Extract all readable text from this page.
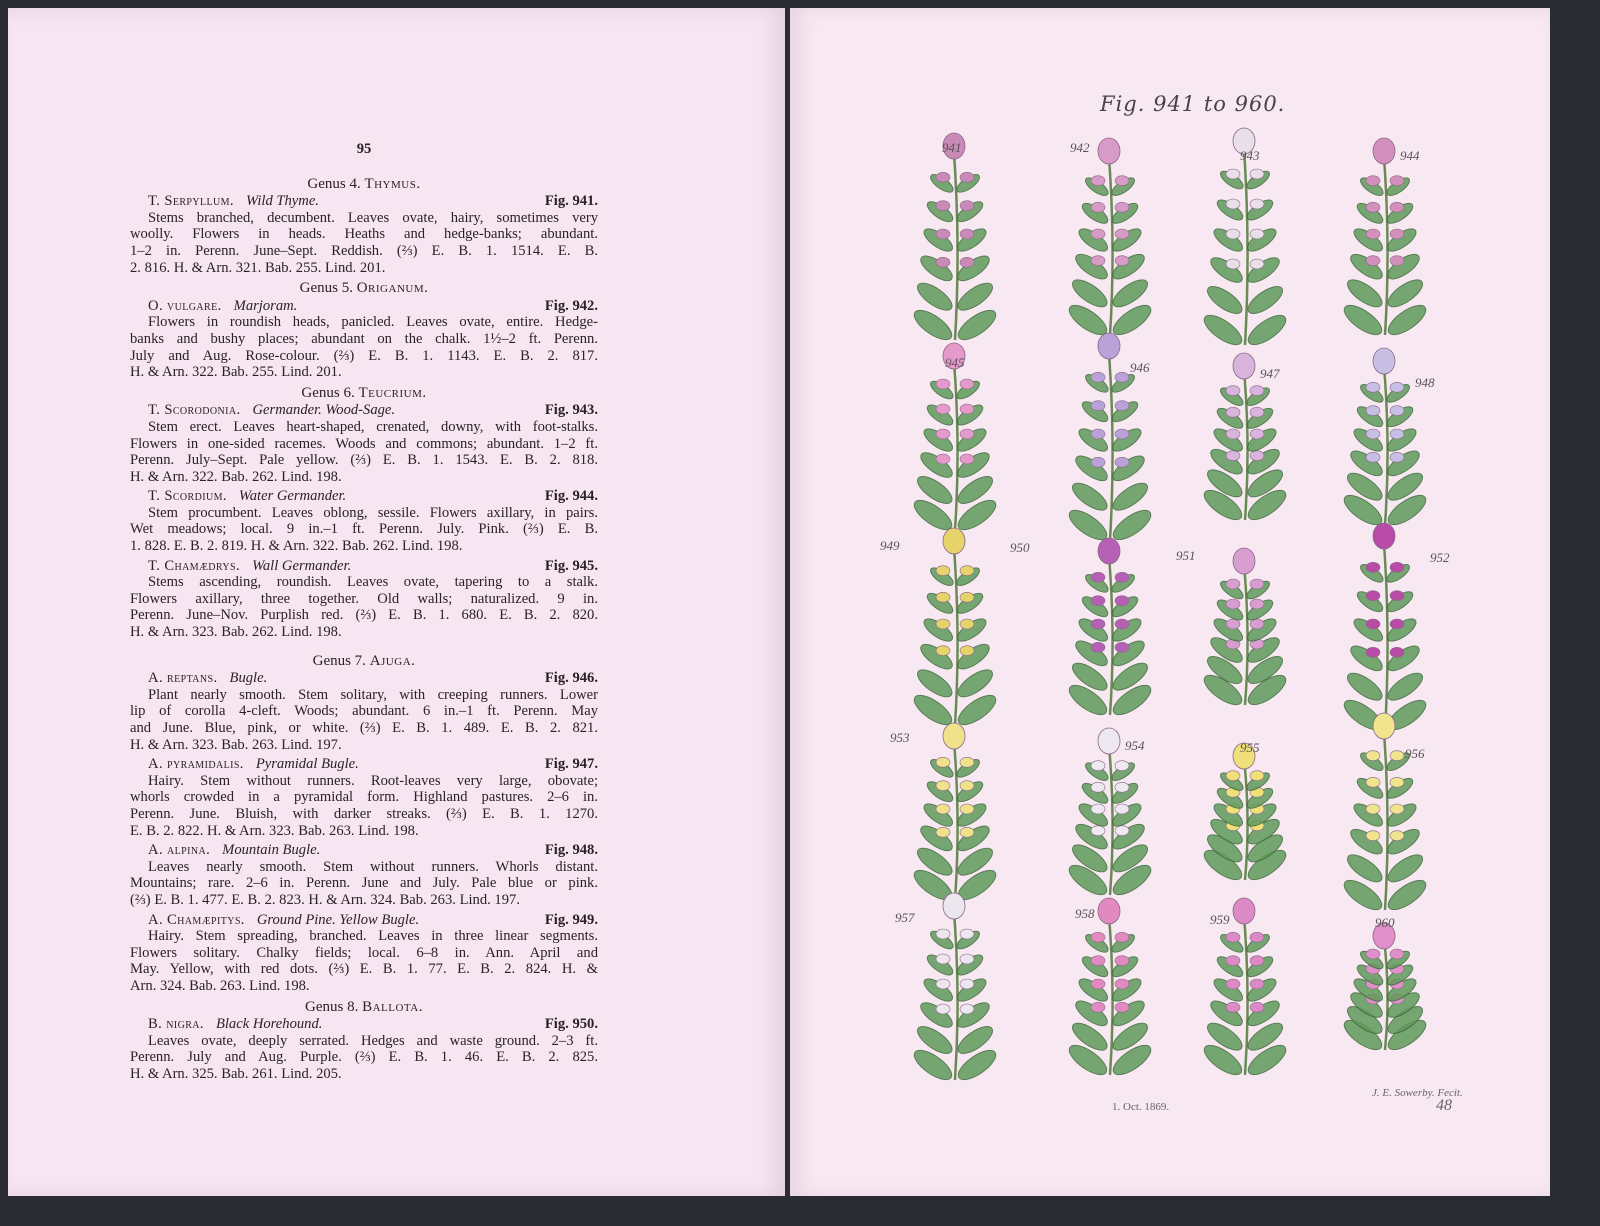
95
Genus 4. Thymus.
T. Serpyllum. Wild Thyme.	Fig. 941.
Stems branched, decumbent. Leaves ovate, hairy, sometimes very
woolly. Flowers in heads. Heaths and hedge-banks; abundant.
1–2 in. Perenn. June–Sept. Reddish. (⅔) E. B. 1. 1514. E. B.
2. 816. H. & Arn. 321. Bab. 255. Lind. 201.
Genus 5. Origanum.
O. vulgare. Marjoram.	Fig. 942.
Flowers in roundish heads, panicled. Leaves ovate, entire. Hedge-
banks and bushy places; abundant on the chalk. 1½–2 ft. Perenn.
July and Aug. Rose-colour. (⅔) E. B. 1. 1143. E. B. 2. 817.
H. & Arn. 322. Bab. 255. Lind. 201.
Genus 6. Teucrium.
T. Scorodonia. Germander. Wood-Sage.	Fig. 943.
Stem erect. Leaves heart-shaped, crenated, downy, with foot-stalks.
Flowers in one-sided racemes. Woods and commons; abundant. 1–2 ft.
Perenn. July–Sept. Pale yellow. (⅔) E. B. 1. 1543. E. B. 2. 818.
H. & Arn. 322. Bab. 262. Lind. 198.
T. Scordium. Water Germander.	Fig. 944.
Stem procumbent. Leaves oblong, sessile. Flowers axillary, in pairs.
Wet meadows; local. 9 in.–1 ft. Perenn. July. Pink. (⅔) E. B.
1. 828. E. B. 2. 819. H. & Arn. 322. Bab. 262. Lind. 198.
T. Chamædrys. Wall Germander.	Fig. 945.
Stems ascending, roundish. Leaves ovate, tapering to a stalk.
Flowers axillary, three together. Old walls; naturalized. 9 in.
Perenn. June–Nov. Purplish red. (⅔) E. B. 1. 680. E. B. 2. 820.
H. & Arn. 323. Bab. 262. Lind. 198.
Genus 7. Ajuga.
A. reptans. Bugle.	Fig. 946.
Plant nearly smooth. Stem solitary, with creeping runners. Lower
lip of corolla 4-cleft. Woods; abundant. 6 in.–1 ft. Perenn. May
and June. Blue, pink, or white. (⅔) E. B. 1. 489. E. B. 2. 821.
H. & Arn. 323. Bab. 263. Lind. 197.
A. pyramidalis. Pyramidal Bugle.	Fig. 947.
Hairy. Stem without runners. Root-leaves very large, obovate;
whorls crowded in a pyramidal form. Highland pastures. 2–6 in.
Perenn. June. Bluish, with darker streaks. (⅔) E. B. 1. 1270.
E. B. 2. 822. H. & Arn. 323. Bab. 263. Lind. 198.
A. alpina. Mountain Bugle.	Fig. 948.
Leaves nearly smooth. Stem without runners. Whorls distant.
Mountains; rare. 2–6 in. Perenn. June and July. Pale blue or pink.
(⅔) E. B. 1. 477. E. B. 2. 823. H. & Arn. 324. Bab. 263. Lind. 197.
A. Chamæpitys. Ground Pine. Yellow Bugle.	Fig. 949.
Hairy. Stem spreading, branched. Leaves in three linear segments.
Flowers solitary. Chalky fields; local. 6–8 in. Ann. April and
May. Yellow, with red dots. (⅔) E. B. 1. 77. E. B. 2. 824. H. &
Arn. 324. Bab. 263. Lind. 198.
Genus 8. Ballota.
B. nigra. Black Horehound.	Fig. 950.
Leaves ovate, deeply serrated. Hedges and waste ground. 2–3 ft.
Perenn. July and Aug. Purple. (⅔) E. B. 1. 46. E. B. 2. 825.
H. & Arn. 325. Bab. 261. Lind. 205.
Fig. 941 to 960.
941	942
943	944
945	946	947
948
949	950
951	952
953
954	955	956
957	958	959	960
1. Oct. 1869.
J. E. Sowerby. Fecit.
48
